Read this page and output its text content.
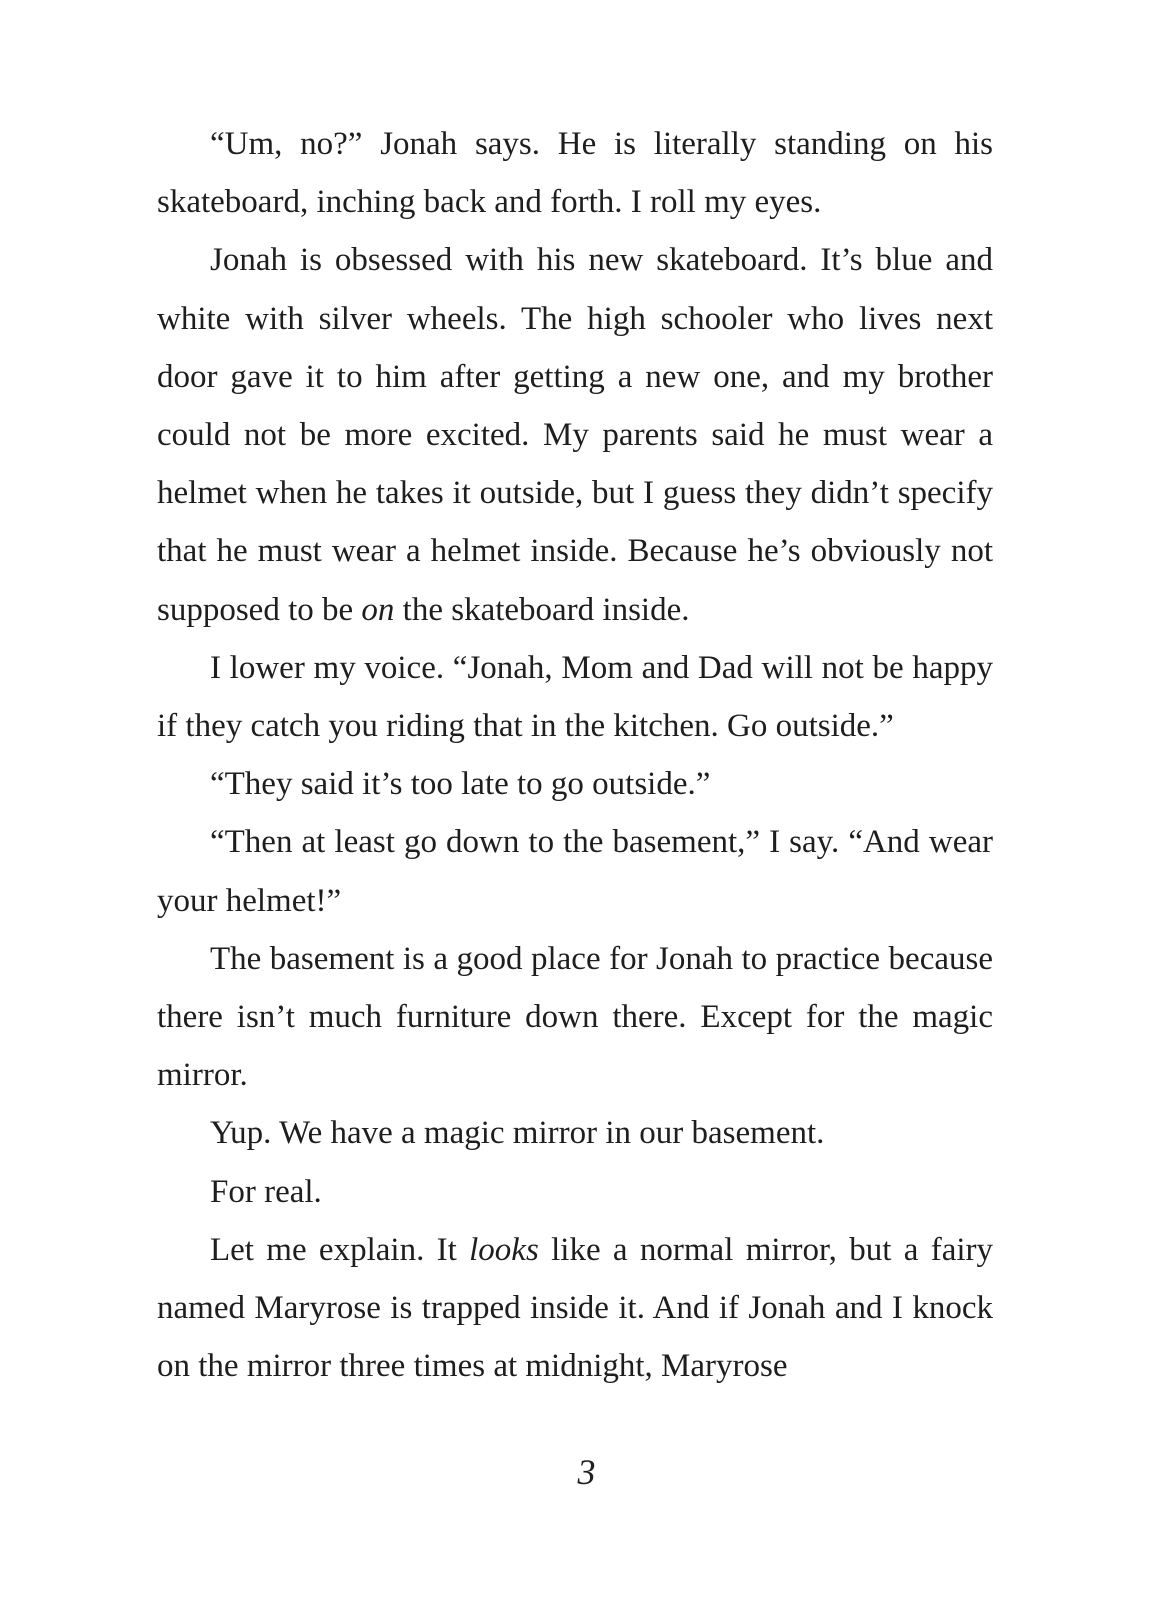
“Um, no?” Jonah says. He is literally standing on his skateboard, inching back and forth. I roll my eyes.

Jonah is obsessed with his new skateboard. It’s blue and white with silver wheels. The high schooler who lives next door gave it to him after getting a new one, and my brother could not be more excited. My parents said he must wear a helmet when he takes it outside, but I guess they didn’t specify that he must wear a helmet inside. Because he’s obviously not supposed to be on the skateboard inside.

I lower my voice. “Jonah, Mom and Dad will not be happy if they catch you riding that in the kitchen. Go outside.”

“They said it’s too late to go outside.”

“Then at least go down to the basement,” I say. “And wear your helmet!”

The basement is a good place for Jonah to practice because there isn’t much furniture down there. Except for the magic mirror.

Yup. We have a magic mirror in our basement.

For real.

Let me explain. It looks like a normal mirror, but a fairy named Maryrose is trapped inside it. And if Jonah and I knock on the mirror three times at midnight, Maryrose

3
